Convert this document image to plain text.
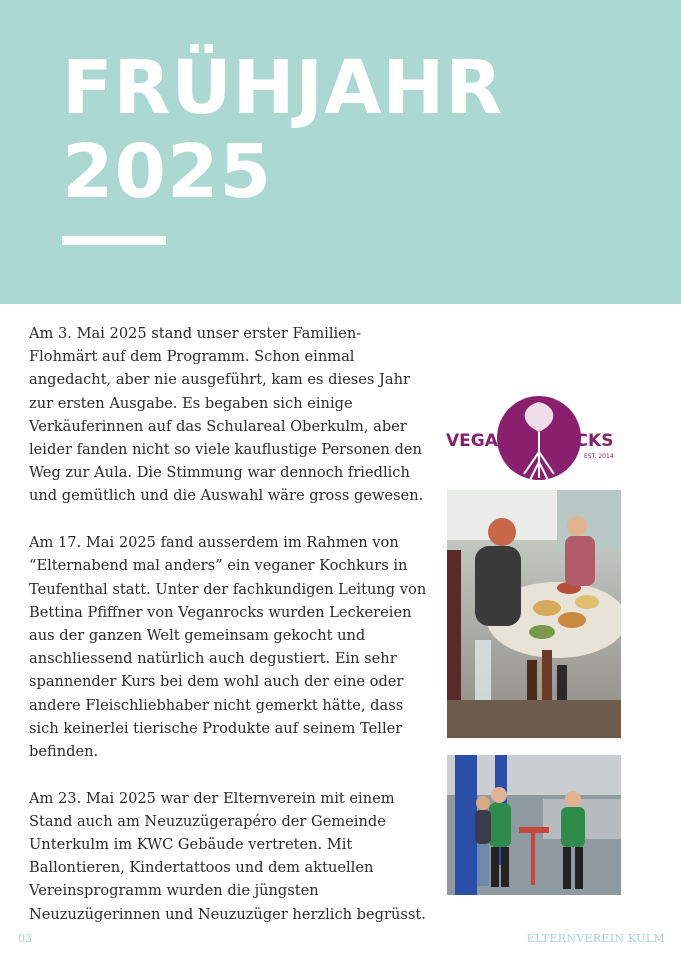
FRÜHJAHR
2025

Am 3. Mai 2025 stand unser erster Familien-Flohmärt auf dem Programm. Schon einmal angedacht, aber nie ausgeführt, kam es dieses Jahr zur ersten Ausgabe. Es begaben sich einige Verkäuferinnen auf das Schulareal Oberkulm, aber leider fanden nicht so viele kauflustige Personen den Weg zur Aula. Die Stimmung war dennoch friedlich und gemütlich und die Auswahl wäre gross gewesen.

Am 17. Mai 2025 fand ausserdem im Rahmen von “Elternabend mal anders” ein veganer Kochkurs in Teufenthal statt. Unter der fachkundigen Leitung von Bettina Pfiffner von Veganrocks wurden Leckereien aus der ganzen Welt gemeinsam gekocht und anschliessend natürlich auch degustiert. Ein sehr spannender Kurs bei dem wohl auch der eine oder andere Fleischliebhaber nicht gemerkt hätte, dass sich keinerlei tierische Produkte auf seinem Teller befinden.

Am 23. Mai 2025 war der Elternverein mit einem Stand auch am Neuzuzügerapéro der Gemeinde Unterkulm im KWC Gebäude vertreten. Mit Ballontieren, Kindertattoos und dem aktuellen Vereinsprogramm wurden die jüngsten Neuzuzügerinnen und Neuzuzüger herzlich begrüsst.

VEGAN ROCKS
EST. 2014
03	ELTERNVEREIN KULM
